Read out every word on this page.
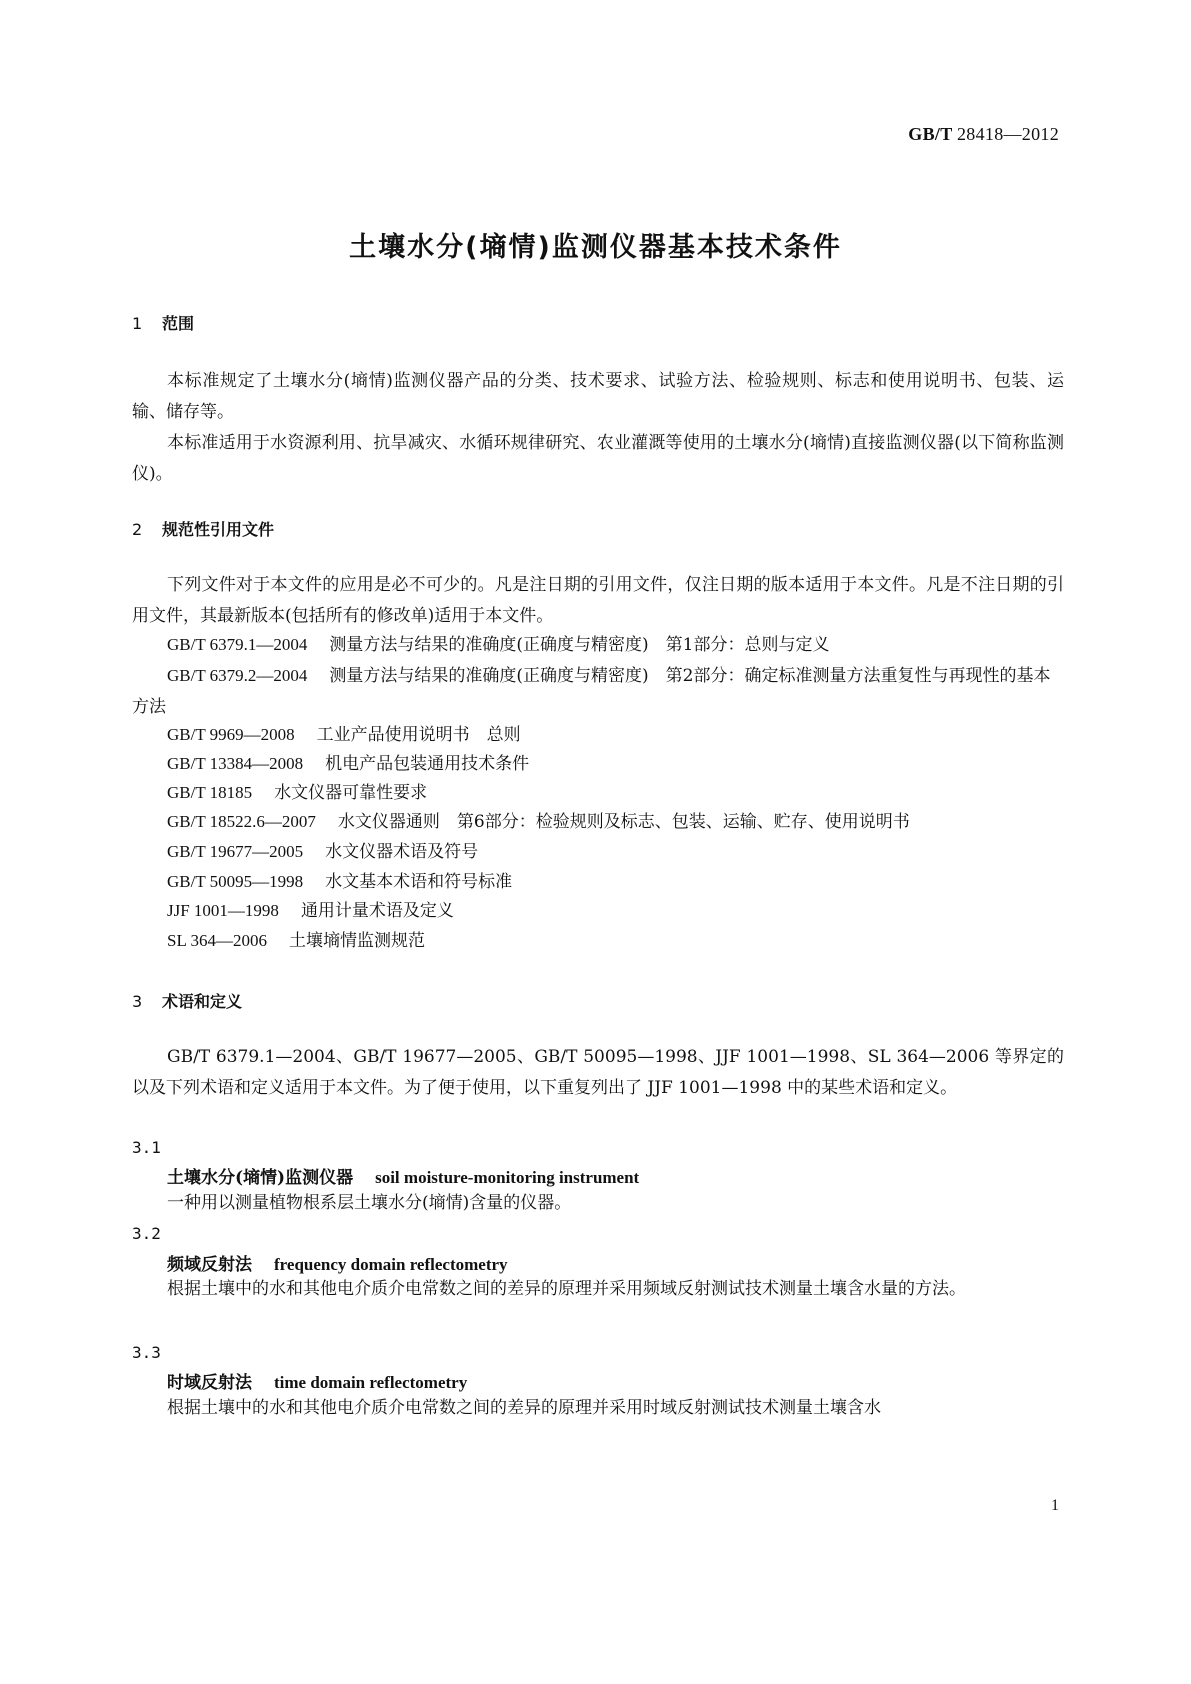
GB/T 28418—2012
土壤水分(墒情)监测仪器基本技术条件
1 范围
本标准规定了土壤水分(墒情)监测仪器产品的分类、技术要求、试验方法、检验规则、标志和使用说明书、包装、运输、储存等。
本标准适用于水资源利用、抗旱减灾、水循环规律研究、农业灌溉等使用的土壤水分(墒情)直接监测仪器(以下简称监测仪)。
2 规范性引用文件
下列文件对于本文件的应用是必不可少的。凡是注日期的引用文件，仅注日期的版本适用于本文件。凡是不注日期的引用文件，其最新版本(包括所有的修改单)适用于本文件。
GB/T 6379.1—2004 测量方法与结果的准确度(正确度与精密度)　第1部分：总则与定义
GB/T 6379.2—2004 测量方法与结果的准确度(正确度与精密度)　第2部分：确定标准测量方法重复性与再现性的基本方法
GB/T 9969—2008 工业产品使用说明书　总则
GB/T 13384—2008 机电产品包装通用技术条件
GB/T 18185 水文仪器可靠性要求
GB/T 18522.6—2007 水文仪器通则　第6部分：检验规则及标志、包装、运输、贮存、使用说明书
GB/T 19677—2005 水文仪器术语及符号
GB/T 50095—1998 水文基本术语和符号标准
JJF 1001—1998 通用计量术语及定义
SL 364—2006 土壤墒情监测规范
3 术语和定义
GB/T 6379.1—2004、GB/T 19677—2005、GB/T 50095—1998、JJF 1001—1998、SL 364—2006 等界定的以及下列术语和定义适用于本文件。为了便于使用，以下重复列出了 JJF 1001—1998 中的某些术语和定义。
3.1
土壤水分(墒情)监测仪器 soil moisture-monitoring instrument
一种用以测量植物根系层土壤水分(墒情)含量的仪器。
3.2
频域反射法 frequency domain reflectometry
根据土壤中的水和其他电介质介电常数之间的差异的原理并采用频域反射测试技术测量土壤含水量的方法。
3.3
时域反射法 time domain reflectometry
根据土壤中的水和其他电介质介电常数之间的差异的原理并采用时域反射测试技术测量土壤含水
1
